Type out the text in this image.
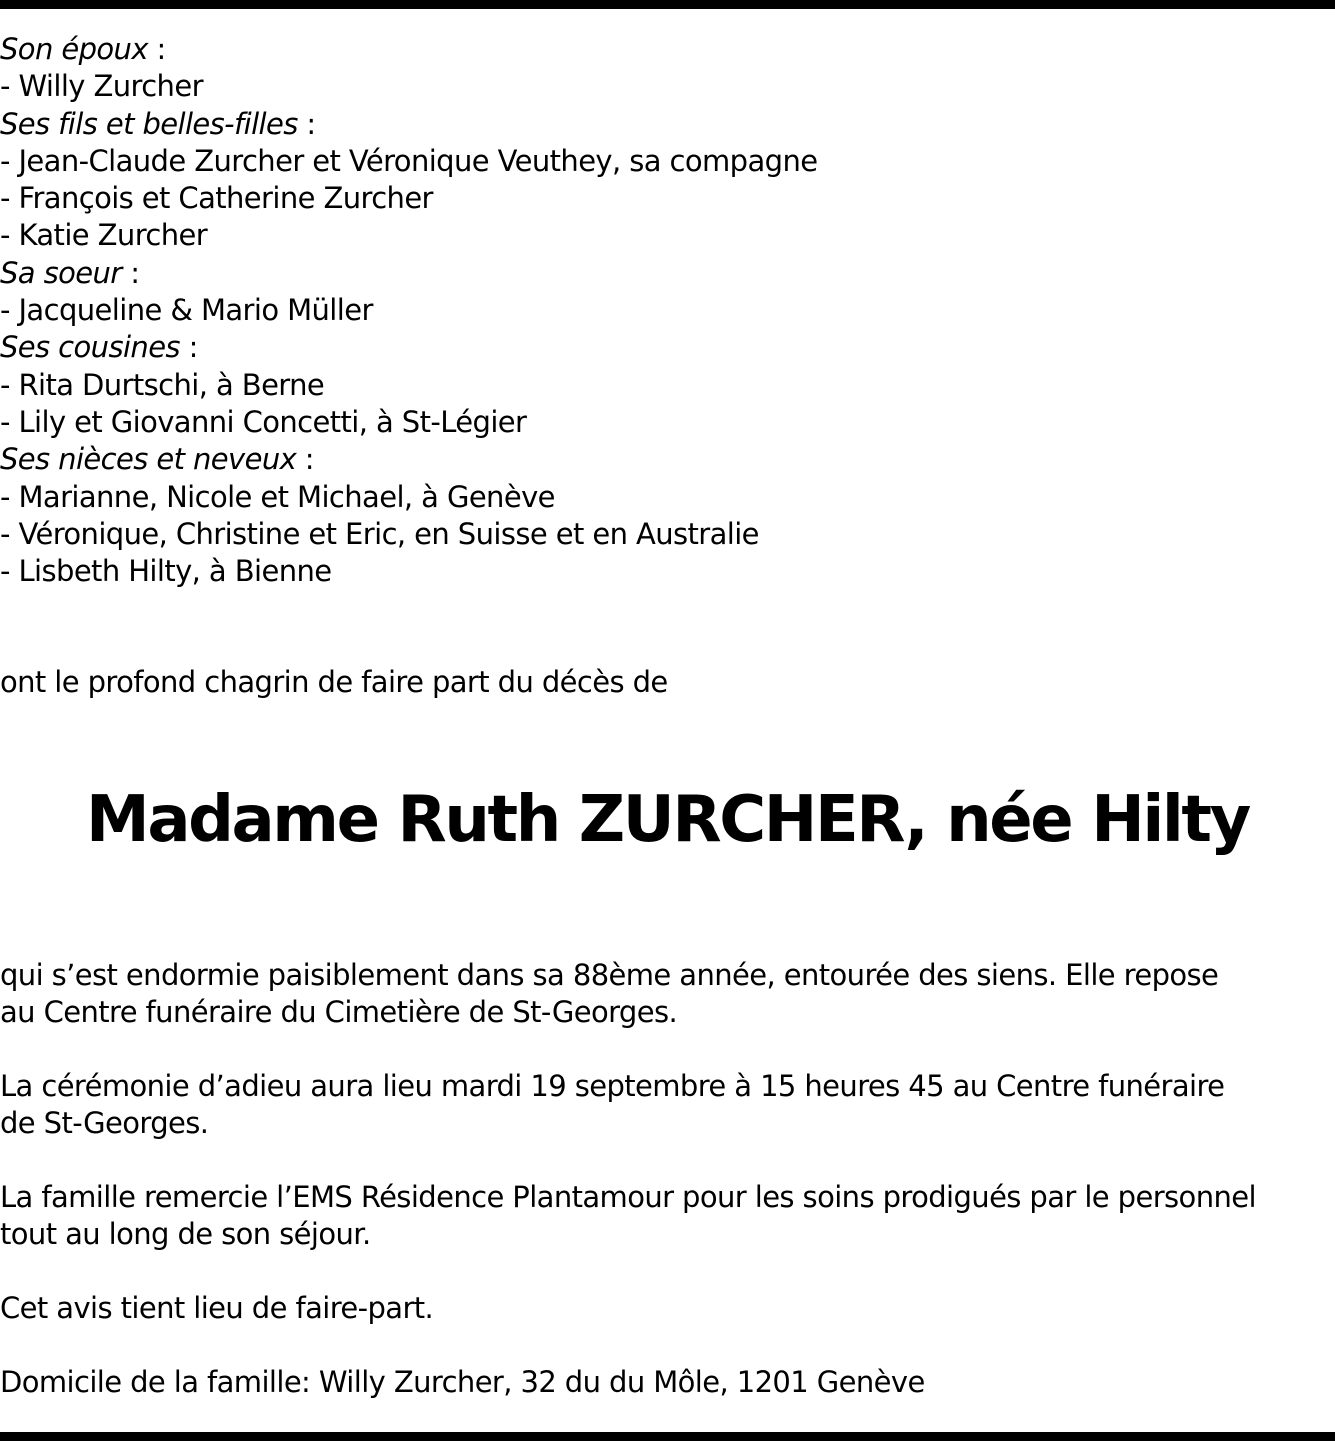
Son époux :
- Willy Zurcher
Ses fils et belles-filles :
- Jean-Claude Zurcher et Véronique Veuthey, sa compagne
- François et Catherine Zurcher
- Katie Zurcher
Sa soeur :
- Jacqueline & Mario Müller
Ses cousines :
- Rita Durtschi, à Berne
- Lily et Giovanni Concetti, à St-Légier
Ses nièces et neveux :
- Marianne, Nicole et Michael, à Genève
- Véronique, Christine et Eric, en Suisse et en Australie
- Lisbeth Hilty, à Bienne
ont le profond chagrin de faire part du décès de
Madame Ruth ZURCHER, née Hilty
qui s’est endormie paisiblement dans sa 88ème année, entourée des siens. Elle repose
au Centre funéraire du Cimetière de St-Georges.
La cérémonie d’adieu aura lieu mardi 19 septembre à 15 heures 45 au Centre funéraire
de St-Georges.
La famille remercie l’EMS Résidence Plantamour pour les soins prodigués par le personnel
tout au long de son séjour.
Cet avis tient lieu de faire-part.
Domicile de la famille: Willy Zurcher, 32 du du Môle, 1201 Genève
